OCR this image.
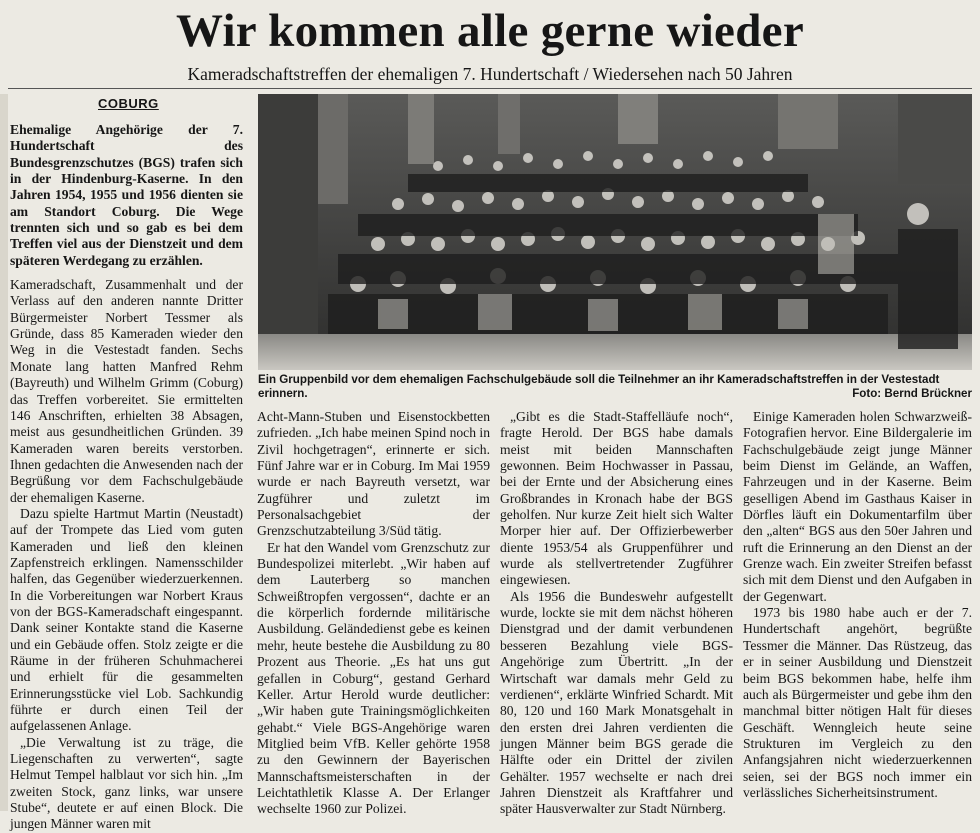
Wir kommen alle gerne wieder
Kameradschaftstreffen der ehemaligen 7. Hundertschaft / Wiedersehen nach 50 Jahren
COBURG

Ehemalige Angehörige der 7. Hundertschaft des Bundesgrenzschutzes (BGS) trafen sich in der Hindenburg-Kaserne. In den Jahren 1954, 1955 und 1956 dienten sie am Standort Coburg. Die Wege trennten sich und so gab es bei dem Treffen viel aus der Dienstzeit und dem späteren Werdegang zu erzählen.

Kameradschaft, Zusammenhalt und der Verlass auf den anderen nannte Dritter Bürgermeister Norbert Tessmer als Gründe, dass 85 Kameraden wieder den Weg in die Vestestadt fanden. Sechs Monate lang hatten Manfred Rehm (Bayreuth) und Wilhelm Grimm (Coburg) das Treffen vorbereitet. Sie ermittelten 146 Anschriften, erhielten 38 Absagen, meist aus gesundheitlichen Gründen. 39 Kameraden waren bereits verstorben. Ihnen gedachten die Anwesenden nach der Begrüßung vor dem Fachschulgebäude der ehemaligen Kaserne.

Dazu spielte Hartmut Martin (Neustadt) auf der Trompete das Lied vom guten Kameraden und ließ den kleinen Zapfenstreich erklingen. Namensschilder halfen, das Gegenüber wiederzuerkennen. In die Vorbereitungen war Norbert Kraus von der BGS-Kameradschaft eingespannt. Dank seiner Kontakte stand die Kaserne und ein Gebäude offen. Stolz zeigte er die Räume in der früheren Schuhmacherei und erhielt für die gesammelten Erinnerungsstücke viel Lob. Sachkundig führte er durch einen Teil der aufgelassenen Anlage.

„Die Verwaltung ist zu träge, die Liegenschaften zu verwerten“, sagte Helmut Tempel halblaut vor sich hin. „Im zweiten Stock, ganz links, war unsere Stube“, deutete er auf einen Block. Die jungen Männer waren mit

Ein Gruppenbild vor dem ehemaligen Fachschulgebäude soll die Teilnehmer an ihr Kameradschaftstreffen in der Vestestadt erinnern.	Foto: Bernd Brückner

Acht-Mann-Stuben und Eisenstockbetten zufrieden. „Ich habe meinen Spind noch in Zivil hochgetragen“, erinnerte er sich. Fünf Jahre war er in Coburg. Im Mai 1959 wurde er nach Bayreuth versetzt, war Zugführer und zuletzt im Personalsachgebiet der Grenzschutzabteilung 3/Süd tätig.

Er hat den Wandel vom Grenzschutz zur Bundespolizei miterlebt. „Wir haben auf dem Lauterberg so manchen Schweißtropfen vergossen“, dachte er an die körperlich fordernde militärische Ausbildung. Geländedienst gebe es keinen mehr, heute bestehe die Ausbildung zu 80 Prozent aus Theorie. „Es hat uns gut gefallen in Coburg“, gestand Gerhard Keller. Artur Herold wurde deutlicher: „Wir haben gute Trainingsmöglichkeiten gehabt.“ Viele BGS-Angehörige waren Mitglied beim VfB. Keller gehörte 1958 zu den Gewinnern der Bayerischen Mannschaftsmeisterschaften in der Leichtathletik Klasse A. Der Erlanger wechselte 1960 zur Polizei.

„Gibt es die Stadt-Staffelläufe noch“, fragte Herold. Der BGS habe damals meist mit beiden Mannschaften gewonnen. Beim Hochwasser in Passau, bei der Ernte und der Absicherung eines Großbrandes in Kronach habe der BGS geholfen. Nur kurze Zeit hielt sich Walter Morper hier auf. Der Offizierbewerber diente 1953/54 als Gruppenführer und wurde als stellvertretender Zugführer eingewiesen.

Als 1956 die Bundeswehr aufgestellt wurde, lockte sie mit dem nächst höheren Dienstgrad und der damit verbundenen besseren Bezahlung viele BGS-Angehörige zum Übertritt. „In der Wirtschaft war damals mehr Geld zu verdienen“, erklärte Winfried Schardt. Mit 80, 120 und 160 Mark Monatsgehalt in den ersten drei Jahren verdienten die jungen Männer beim BGS gerade die Hälfte oder ein Drittel der zivilen Gehälter. 1957 wechselte er nach drei Jahren Dienstzeit als Kraftfahrer und später Hausverwalter zur Stadt Nürnberg.

Einige Kameraden holen Schwarzweiß-Fotografien hervor. Eine Bildergalerie im Fachschulgebäude zeigt junge Männer beim Dienst im Gelände, an Waffen, Fahrzeugen und in der Kaserne. Beim geselligen Abend im Gasthaus Kaiser in Dörfles läuft ein Dokumentarfilm über den „alten“ BGS aus den 50er Jahren und ruft die Erinnerung an den Dienst an der Grenze wach. Ein zweiter Streifen befasst sich mit dem Dienst und den Aufgaben in der Gegenwart.

1973 bis 1980 habe auch er der 7. Hundertschaft angehört, begrüßte Tessmer die Männer. Das Rüstzeug, das er in seiner Ausbildung und Dienstzeit beim BGS bekommen habe, helfe ihm auch als Bürgermeister und gebe ihm den manchmal bitter nötigen Halt für dieses Geschäft. Wenngleich heute seine Strukturen im Vergleich zu den Anfangsjahren nicht wiederzuerkennen seien, sei der BGS noch immer ein verlässliches Sicherheitsinstrument.
